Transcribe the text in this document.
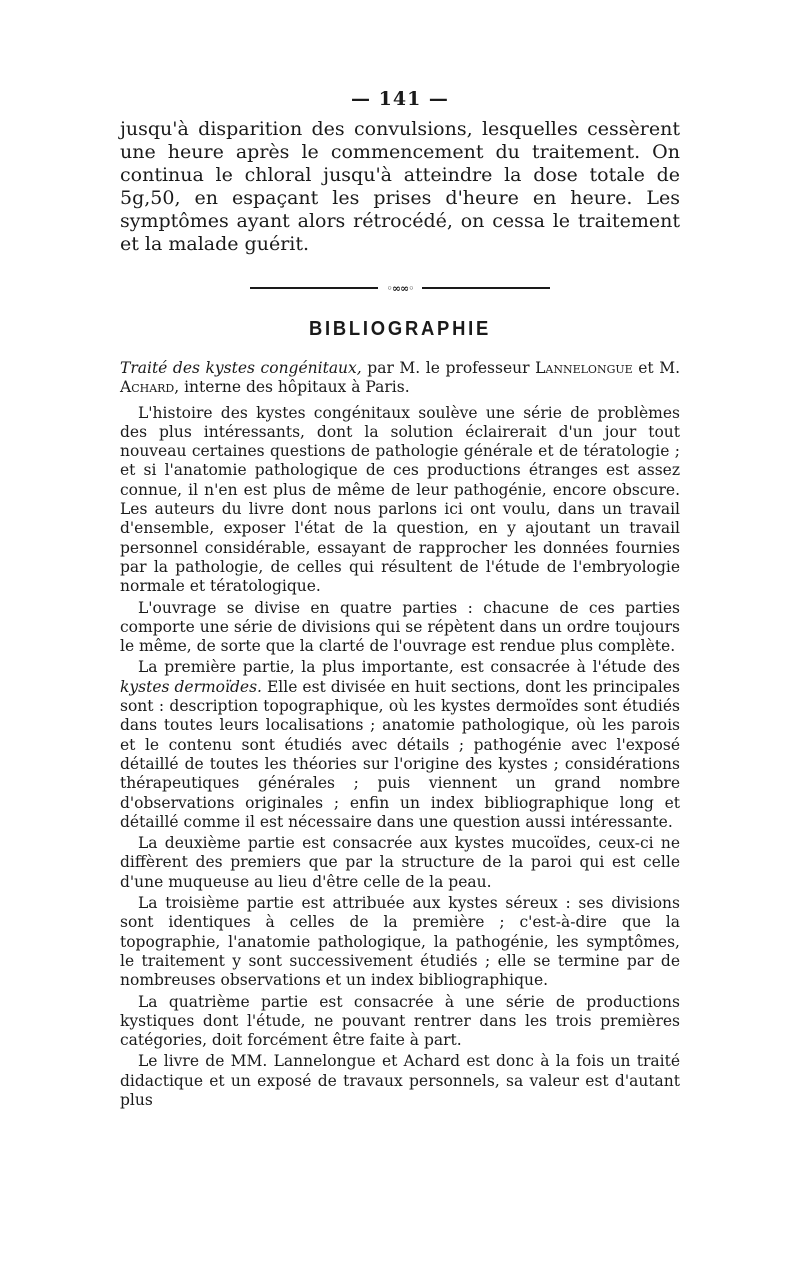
— 141 —

jusqu'à disparition des convulsions, lesquelles cessèrent une heure après le commencement du traitement. On continua le chloral jusqu'à atteindre la dose totale de 5g,50, en espaçant les prises d'heure en heure. Les symptômes ayant alors rétrocédé, on cessa le traitement et la malade guérit.

◦∞∞◦
BIBLIOGRAPHIE

Traité des kystes congénitaux, par M. le professeur Lannelongue et M. Achard, interne des hôpitaux à Paris.

L'histoire des kystes congénitaux soulève une série de problèmes des plus intéressants, dont la solution éclairerait d'un jour tout nouveau certaines questions de pathologie générale et de tératologie ; et si l'anatomie pathologique de ces productions étranges est assez connue, il n'en est plus de même de leur pathogénie, encore obscure. Les auteurs du livre dont nous parlons ici ont voulu, dans un travail d'ensemble, exposer l'état de la question, en y ajoutant un travail personnel considérable, essayant de rapprocher les données fournies par la pathologie, de celles qui résultent de l'étude de l'embryologie normale et tératologique.

L'ouvrage se divise en quatre parties : chacune de ces parties comporte une série de divisions qui se répètent dans un ordre toujours le même, de sorte que la clarté de l'ouvrage est rendue plus complète.

La première partie, la plus importante, est consacrée à l'étude des kystes dermoïdes. Elle est divisée en huit sections, dont les principales sont : description topographique, où les kystes dermoïdes sont étudiés dans toutes leurs localisations ; anatomie pathologique, où les parois et le contenu sont étudiés avec détails ; pathogénie avec l'exposé détaillé de toutes les théories sur l'origine des kystes ; considérations thérapeutiques générales ; puis viennent un grand nombre d'observations originales ; enfin un index bibliographique long et détaillé comme il est nécessaire dans une question aussi intéressante.

La deuxième partie est consacrée aux kystes mucoïdes, ceux-ci ne diffèrent des premiers que par la structure de la paroi qui est celle d'une muqueuse au lieu d'être celle de la peau.

La troisième partie est attribuée aux kystes séreux : ses divisions sont identiques à celles de la première ; c'est-à-dire que la topographie, l'anatomie pathologique, la pathogénie, les symptômes, le traitement y sont successivement étudiés ; elle se termine par de nombreuses observations et un index bibliographique.

La quatrième partie est consacrée à une série de productions kystiques dont l'étude, ne pouvant rentrer dans les trois premières catégories, doit forcément être faite à part.

Le livre de MM. Lannelongue et Achard est donc à la fois un traité didactique et un exposé de travaux personnels, sa valeur est d'autant plus
